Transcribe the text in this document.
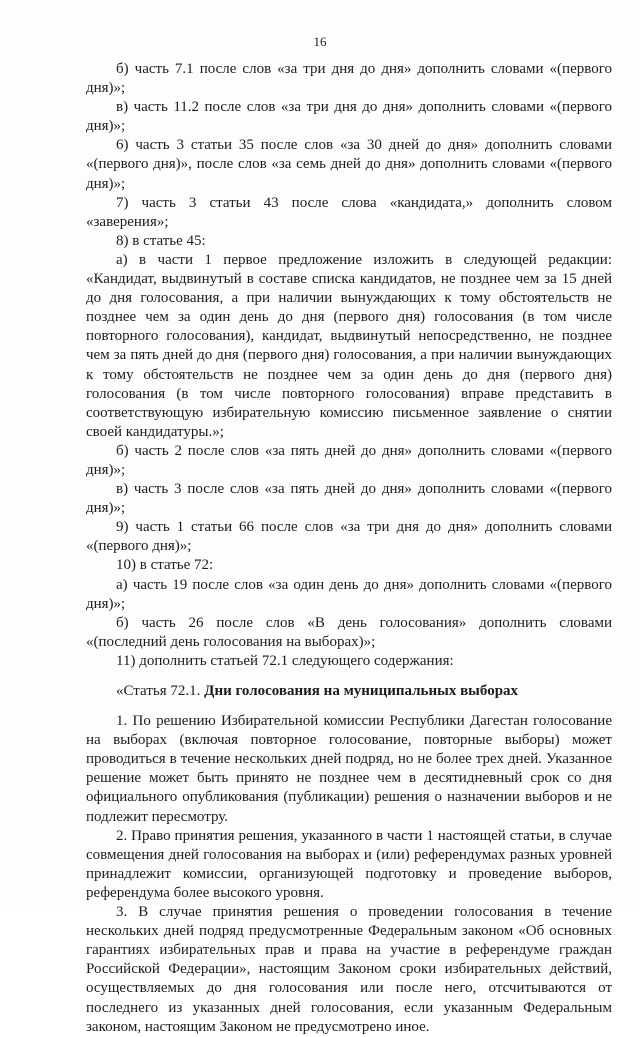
16

б) часть 7.1 после слов «за три дня до дня» дополнить словами «(первого дня)»;

в) часть 11.2 после слов «за три дня до дня» дополнить словами «(первого дня)»;

6) часть 3 статьи 35 после слов «за 30 дней до дня» дополнить словами «(первого дня)», после слов «за семь дней до дня» дополнить словами «(первого дня)»;

7) часть 3 статьи 43 после слова «кандидата,» дополнить словом «заверения»;

8) в статье 45:

а) в части 1 первое предложение изложить в следующей редакции: «Кандидат, выдвинутый в составе списка кандидатов, не позднее чем за 15 дней до дня голосования, а при наличии вынуждающих к тому обстоятельств не позднее чем за один день до дня (первого дня) голосования (в том числе повторного голосования), кандидат, выдвинутый непосредственно, не позднее чем за пять дней до дня (первого дня) голосования, а при наличии вынуждающих к тому обстоятельств не позднее чем за один день до дня (первого дня) голосования (в том числе повторного голосования) вправе представить в соответствующую избирательную комиссию письменное заявление о снятии своей кандидатуры.»;

б) часть 2 после слов «за пять дней до дня» дополнить словами «(первого дня)»;

в) часть 3 после слов «за пять дней до дня» дополнить словами «(первого дня)»;

9) часть 1 статьи 66 после слов «за три дня до дня» дополнить словами «(первого дня)»;

10) в статье 72:

а) часть 19 после слов «за один день до дня» дополнить словами «(первого дня)»;

б) часть 26 после слов «В день голосования» дополнить словами «(последний день голосования на выборах)»;

11) дополнить статьей 72.1 следующего содержания:

«Статья 72.1. Дни голосования на муниципальных выборах

1. По решению Избирательной комиссии Республики Дагестан голосование на выборах (включая повторное голосование, повторные выборы) может проводиться в течение нескольких дней подряд, но не более трех дней. Указанное решение может быть принято не позднее чем в десятидневный срок со дня официального опубликования (публикации) решения о назначении выборов и не подлежит пересмотру.

2. Право принятия решения, указанного в части 1 настоящей статьи, в случае совмещения дней голосования на выборах и (или) референдумах разных уровней принадлежит комиссии, организующей подготовку и проведение выборов, референдума более высокого уровня.

3. В случае принятия решения о проведении голосования в течение нескольких дней подряд предусмотренные Федеральным законом «Об основных гарантиях избирательных прав и права на участие в референдуме граждан Российской Федерации», настоящим Законом сроки избирательных действий, осуществляемых до дня голосования или после него, отсчитываются от последнего из указанных дней голосования, если указанным Федеральным законом, настоящим Законом не предусмотрено иное.
